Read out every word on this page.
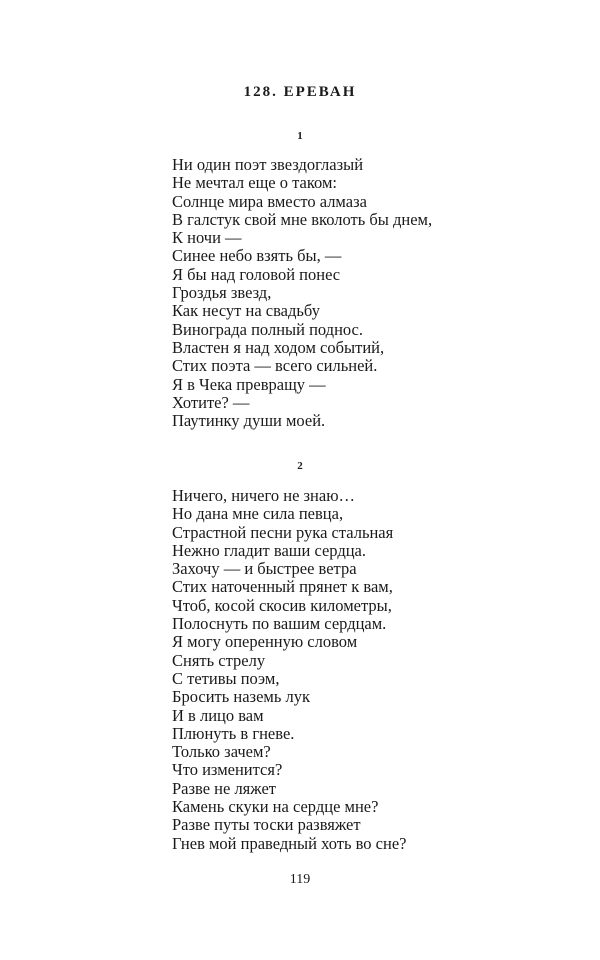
128. ЕРЕВАН
1
Ни один поэт звездоглазый
Не мечтал еще о таком:
Солнце мира вместо алмаза
В галстук свой мне вколоть бы днем,
К ночи —
Синее небо взять бы, —
Я бы над головой понес
Гроздья звезд,
Как несут на свадьбу
Винограда полный поднос.
Властен я над ходом событий,
Стих поэта — всего сильней.
Я в Чека превращу —
Хотите? —
Паутинку души моей.
2
Ничего, ничего не знаю…
Но дана мне сила певца,
Страстной песни рука стальная
Нежно гладит ваши сердца.
Захочу — и быстрее ветра
Стих наточенный прянет к вам,
Чтоб, косой скосив километры,
Полоснуть по вашим сердцам.
Я могу оперенную словом
Снять стрелу
С тетивы поэм,
Бросить наземь лук
И в лицо вам
Плюнуть в гневе.
Только зачем?
Что изменится?
Разве не ляжет
Камень скуки на сердце мне?
Разве путы тоски развяжет
Гнев мой праведный хоть во сне?
119
